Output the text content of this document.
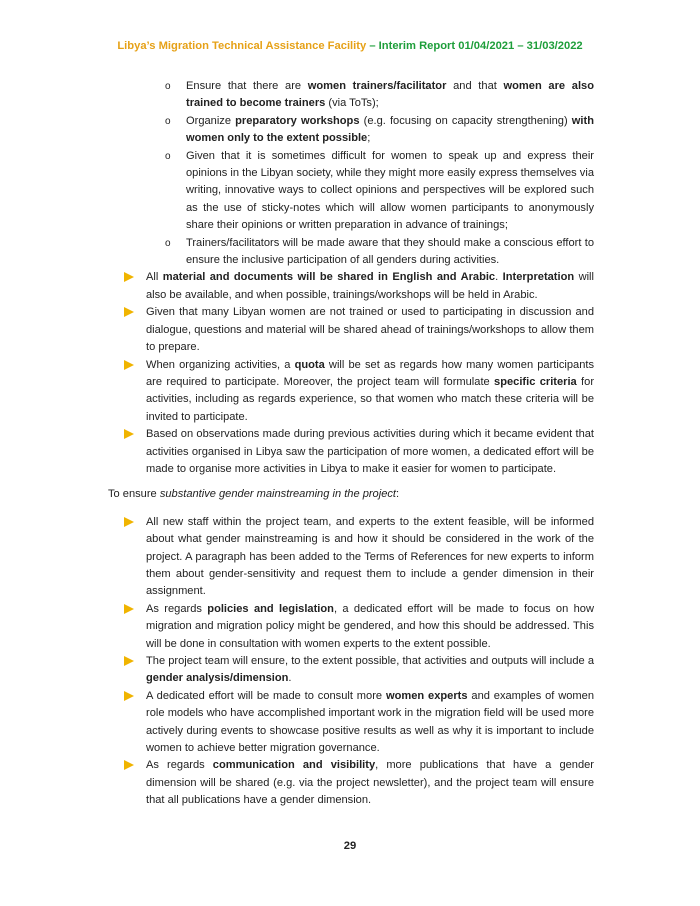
Libya’s Migration Technical Assistance Facility – Interim Report 01/04/2021 – 31/03/2022
o Ensure that there are women trainers/facilitator and that women are also trained to become trainers (via ToTs);
o Organize preparatory workshops (e.g. focusing on capacity strengthening) with women only to the extent possible;
o Given that it is sometimes difficult for women to speak up and express their opinions in the Libyan society, while they might more easily express themselves via writing, innovative ways to collect opinions and perspectives will be explored such as the use of sticky-notes which will allow women participants to anonymously share their opinions or written preparation in advance of trainings;
o Trainers/facilitators will be made aware that they should make a conscious effort to ensure the inclusive participation of all genders during activities.
All material and documents will be shared in English and Arabic. Interpretation will also be available, and when possible, trainings/workshops will be held in Arabic.
Given that many Libyan women are not trained or used to participating in discussion and dialogue, questions and material will be shared ahead of trainings/workshops to allow them to prepare.
When organizing activities, a quota will be set as regards how many women participants are required to participate. Moreover, the project team will formulate specific criteria for activities, including as regards experience, so that women who match these criteria will be invited to participate.
Based on observations made during previous activities during which it became evident that activities organised in Libya saw the participation of more women, a dedicated effort will be made to organise more activities in Libya to make it easier for women to participate.

To ensure substantive gender mainstreaming in the project:

All new staff within the project team, and experts to the extent feasible, will be informed about what gender mainstreaming is and how it should be considered in the work of the project. A paragraph has been added to the Terms of References for new experts to inform them about gender-sensitivity and request them to include a gender dimension in their assignment.
As regards policies and legislation, a dedicated effort will be made to focus on how migration and migration policy might be gendered, and how this should be addressed. This will be done in consultation with women experts to the extent possible.
The project team will ensure, to the extent possible, that activities and outputs will include a gender analysis/dimension.
A dedicated effort will be made to consult more women experts and examples of women role models who have accomplished important work in the migration field will be used more actively during events to showcase positive results as well as why it is important to include women to achieve better migration governance.
As regards communication and visibility, more publications that have a gender dimension will be shared (e.g. via the project newsletter), and the project team will ensure that all publications have a gender dimension.
29
